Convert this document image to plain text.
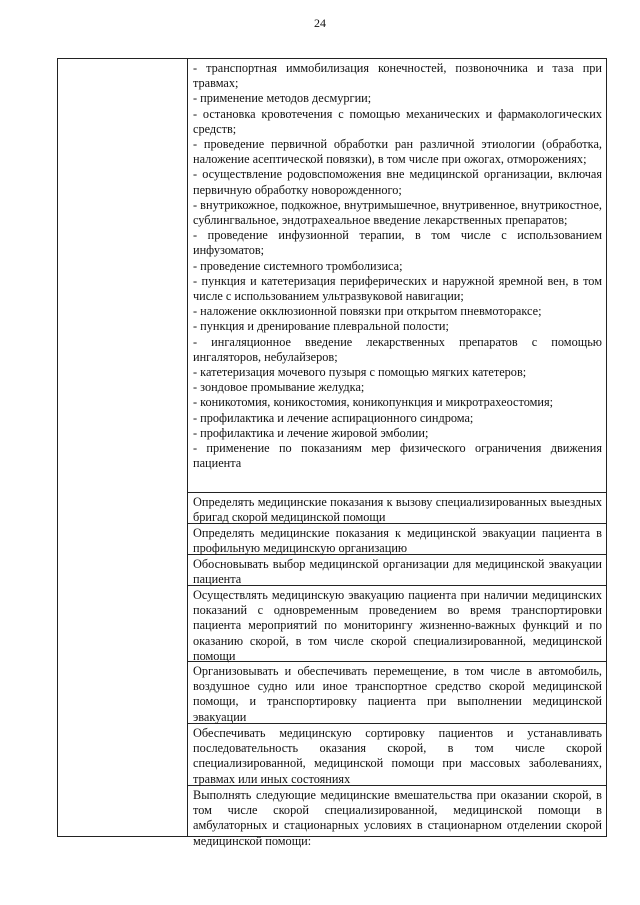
24

- транспортная иммобилизация конечностей, позвоночника и таза при травмах;

- применение методов десмургии;

- остановка кровотечения с помощью механических и фармакологических средств;

- проведение первичной обработки ран различной этиологии (обработка, наложение асептической повязки), в том числе при ожогах, отморожениях;

- осуществление родовспоможения вне медицинской организации, включая первичную обработку новорожденного;

- внутрикожное, подкожное, внутримышечное, внутривенное, внутрикостное, сублингвальное, эндотрахеальное введение лекарственных препаратов;

- проведение инфузионной терапии, в том числе с использованием инфузоматов;

- проведение системного тромболизиса;

- пункция и катетеризация периферических и наружной яремной вен, в том числе с использованием ультразвуковой навигации;

- наложение окклюзионной повязки при открытом пневмотораксе;

- пункция и дренирование плевральной полости;

- ингаляционное введение лекарственных препаратов с помощью ингаляторов, небулайзеров;

- катетеризация мочевого пузыря с помощью мягких катетеров;

- зондовое промывание желудка;

- коникотомия, коникостомия, коникопункция и микротрахеостомия;

- профилактика и лечение аспирационного синдрома;

- профилактика и лечение жировой эмболии;

- применение по показаниям мер физического ограничения движения пациента

Определять медицинские показания к вызову специализированных выездных бригад скорой медицинской помощи

Определять медицинские показания к медицинской эвакуации пациента в профильную медицинскую организацию

Обосновывать выбор медицинской организации для медицинской эвакуации пациента

Осуществлять медицинскую эвакуацию пациента при наличии медицинских показаний с одновременным проведением во время транспортировки пациента мероприятий по мониторингу жизненно-важных функций и по оказанию скорой, в том числе скорой специализированной, медицинской помощи

Организовывать и обеспечивать перемещение, в том числе в автомобиль, воздушное судно или иное транспортное средство скорой медицинской помощи, и транспортировку пациента при выполнении медицинской эвакуации

Обеспечивать медицинскую сортировку пациентов и устанавливать последовательность оказания скорой, в том числе скорой специализированной, медицинской помощи при массовых заболеваниях, травмах или иных состояниях

Выполнять следующие медицинские вмешательства при оказании скорой, в том числе скорой специализированной, медицинской помощи в амбулаторных и стационарных условиях в стационарном отделении скорой медицинской помощи:
